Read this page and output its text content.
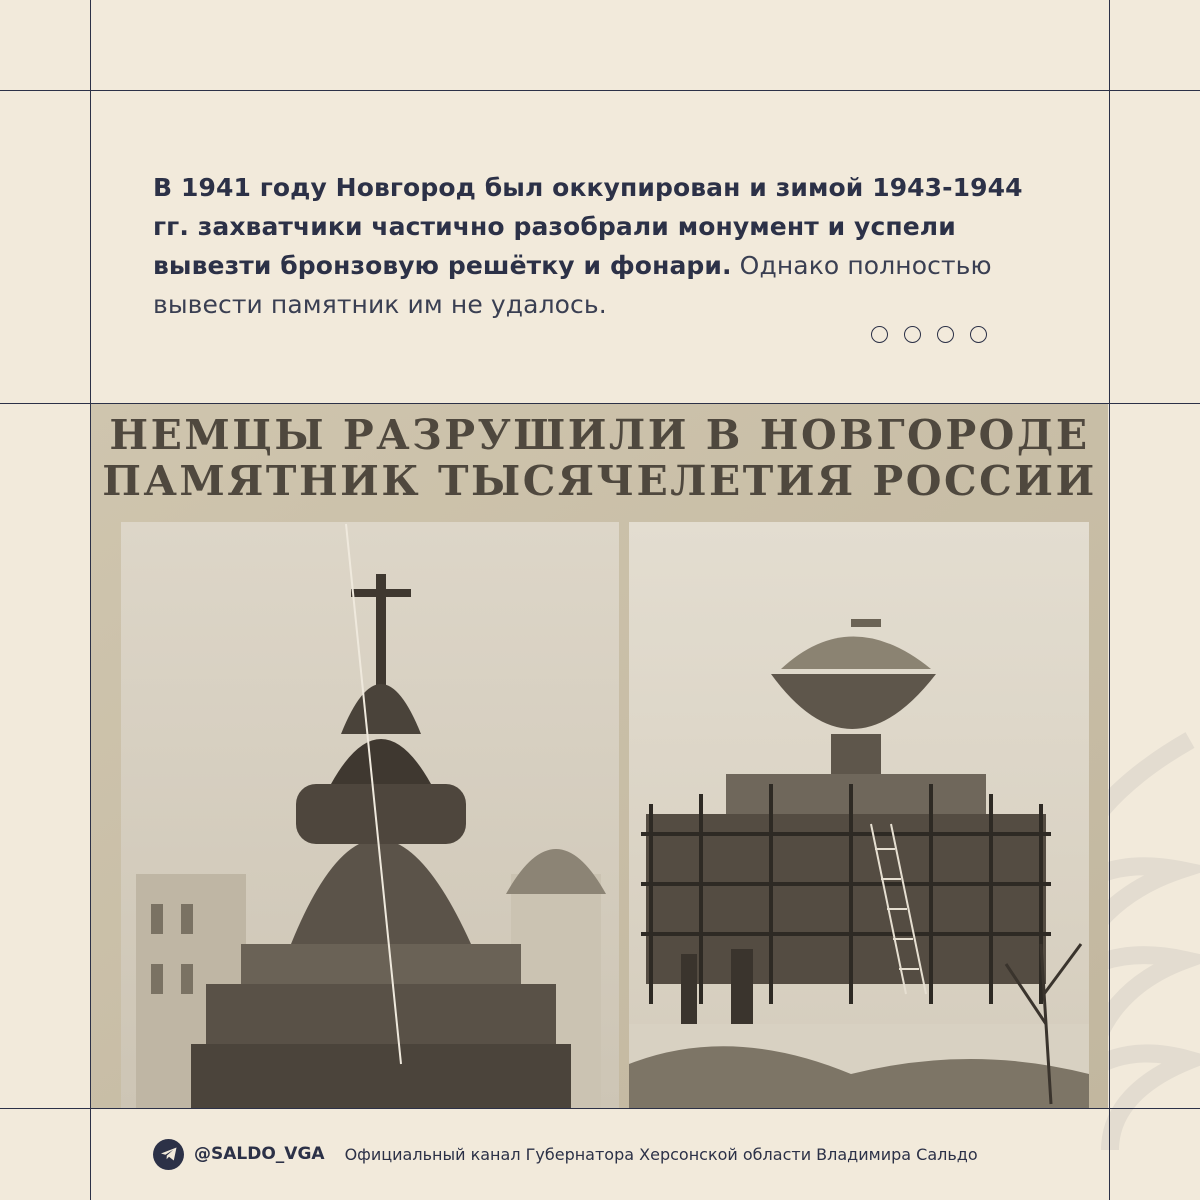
В 1941 году Новгород был оккупирован и зимой 1943-1944 гг. захватчики частично разобрали монумент и успели вывезти бронзовую решётку и фонари. Однако полностью вывести памятник им не удалось.
НЕМЦЫ РАЗРУШИЛИ В НОВГОРОДЕ
ПАМЯТНИК ТЫСЯЧЕЛЕТИЯ РОССИИ
@SALDO_VGA Официальный канал Губернатора Херсонской области Владимира Сальдо
